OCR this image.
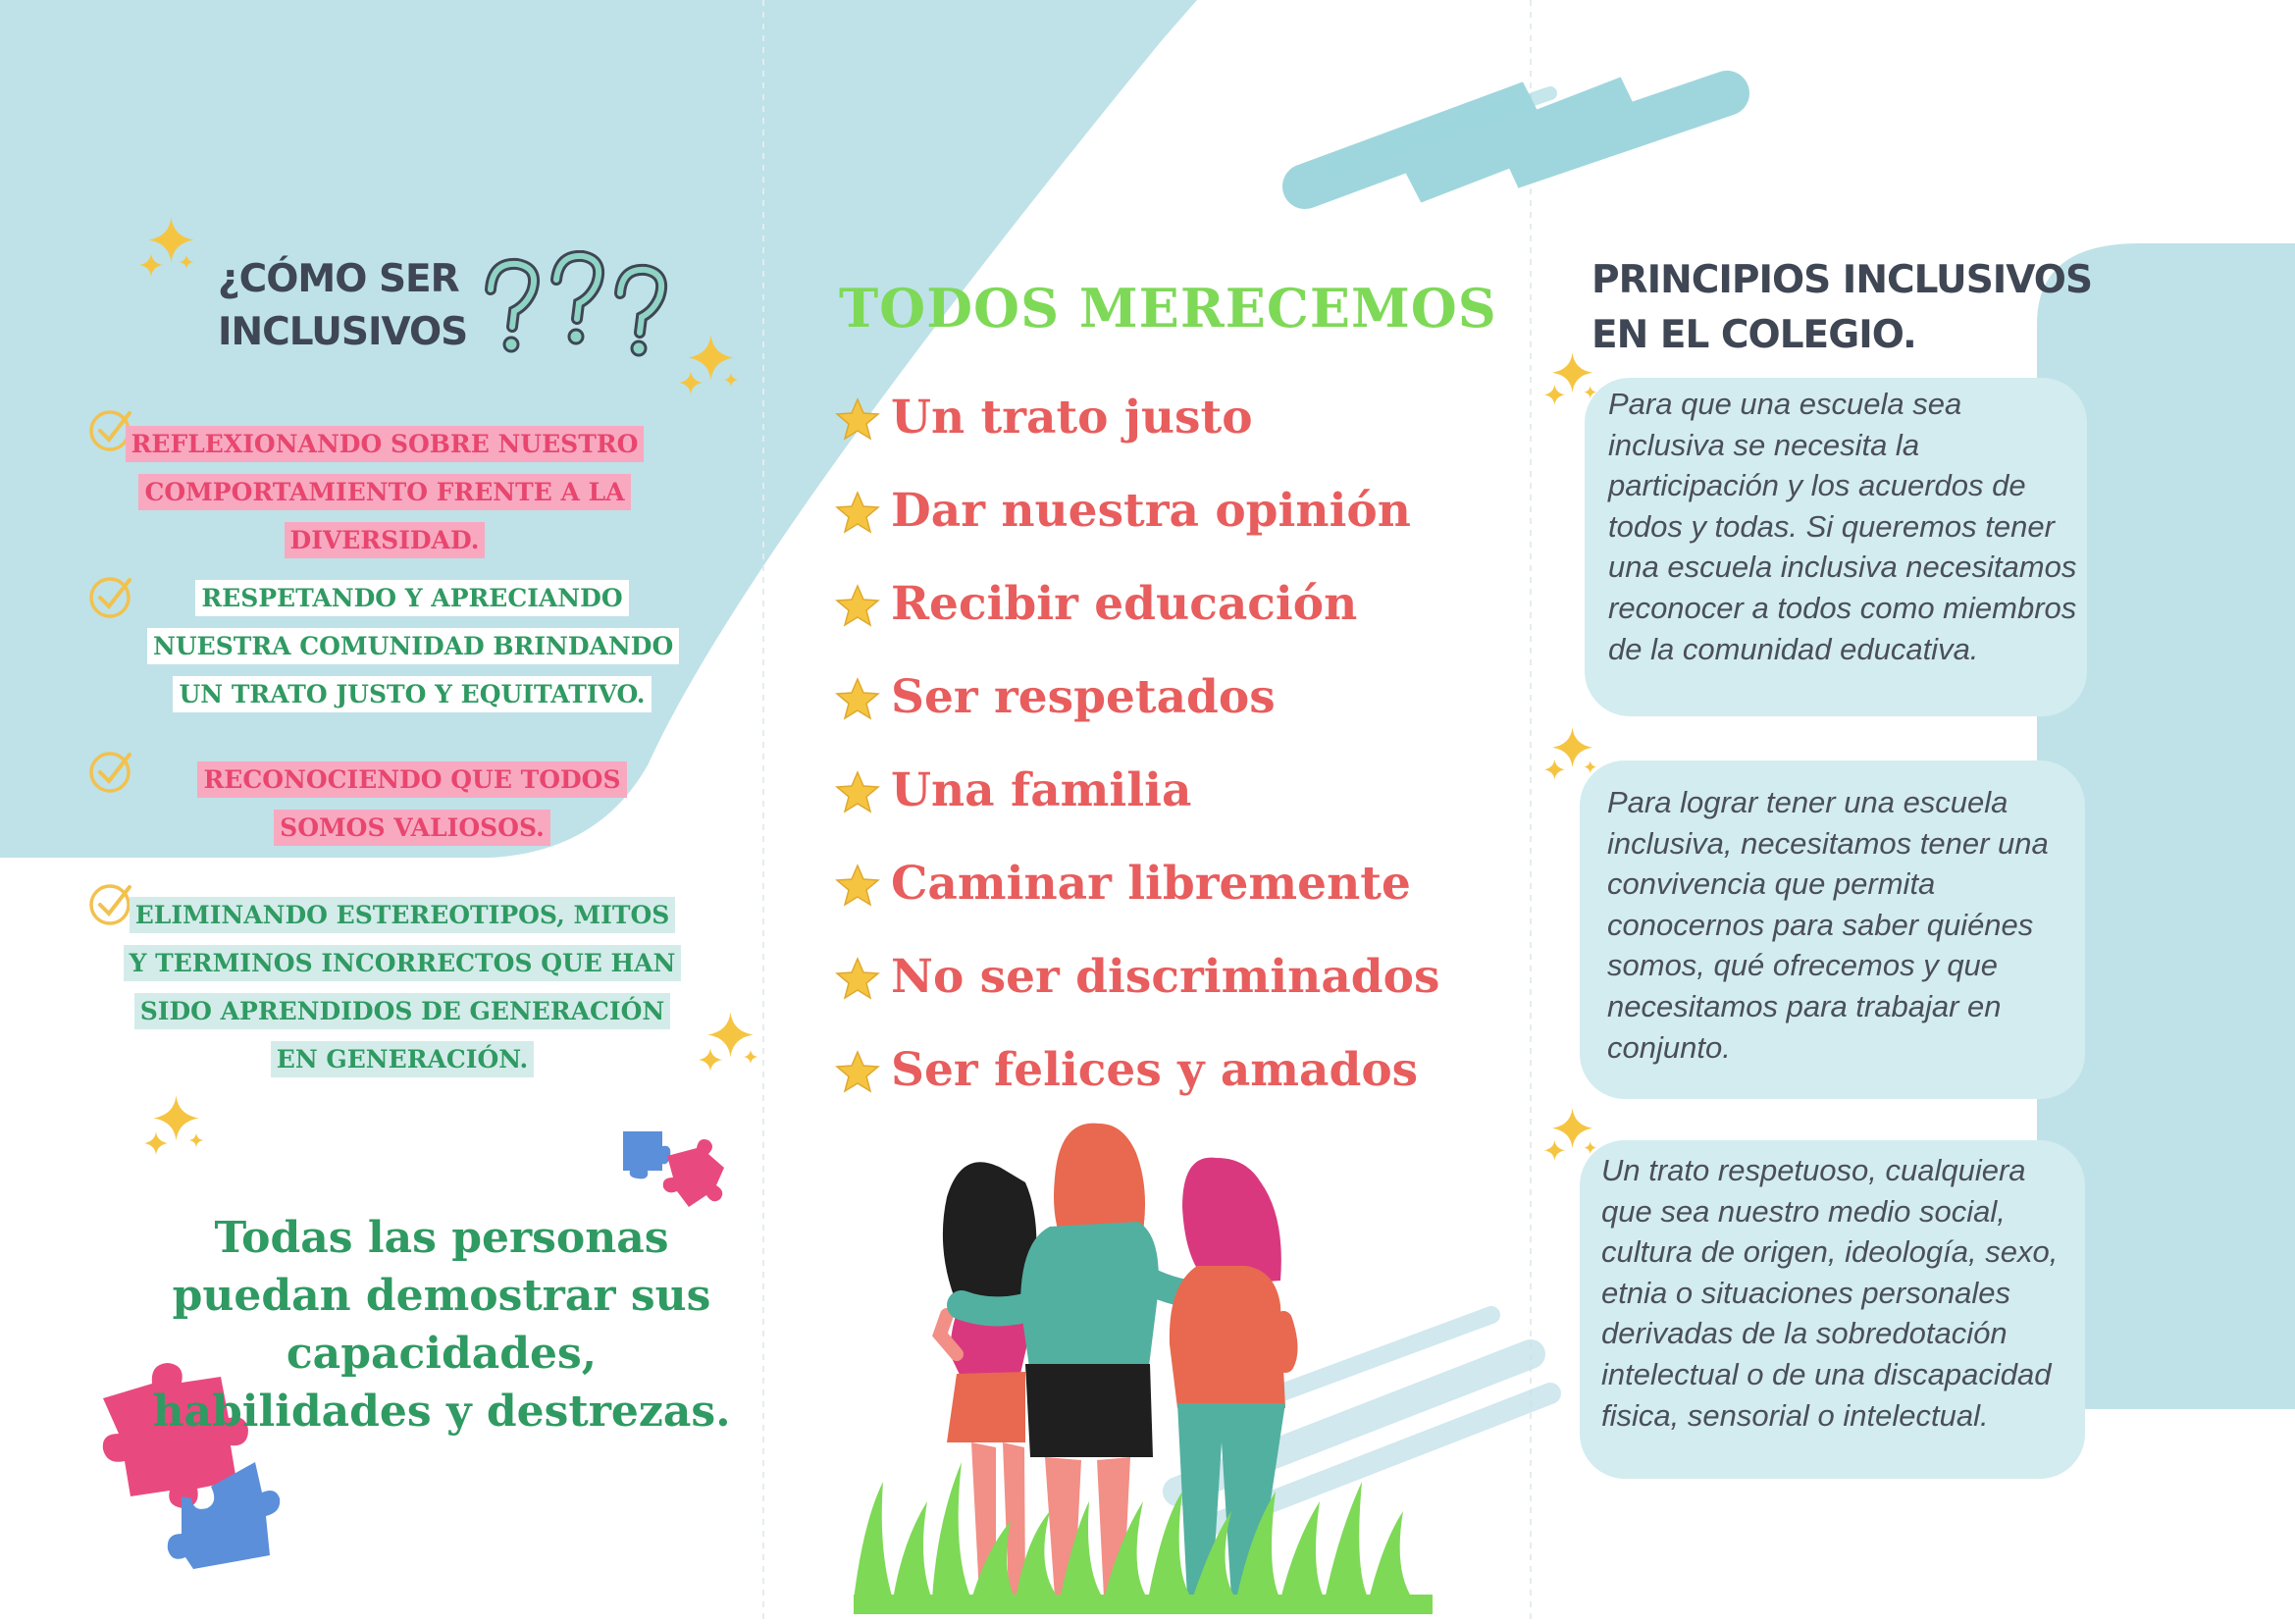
¿CÓMO SER
INCLUSIVOS
REFLEXIONANDO SOBRE NUESTRO COMPORTAMIENTO FRENTE A LA DIVERSIDAD.
RESPETANDO Y APRECIANDO NUESTRA COMUNIDAD BRINDANDO UN TRATO JUSTO Y EQUITATIVO.
RECONOCIENDO QUE TODOS SOMOS VALIOSOS.
ELIMINANDO ESTEREOTIPOS, MITOS Y TERMINOS INCORRECTOS QUE HAN SIDO APRENDIDOS DE GENERACIÓN EN GENERACIÓN.
Todas las personas puedan demostrar sus capacidades, habilidades y destrezas.
TODOS MERECEMOS
Un trato justo
Dar nuestra opinión
Recibir educación
Ser respetados
Una familia
Caminar libremente
No ser discriminados
Ser felices y amados
PRINCIPIOS INCLUSIVOS
EN EL COLEGIO.

Para que una escuela sea inclusiva se necesita la participación y los acuerdos de todos y todas. Si queremos tener una escuela inclusiva necesitamos reconocer a todos como miembros de la comunidad educativa.

Para lograr tener una escuela inclusiva, necesitamos tener una convivencia que permita conocernos para saber quiénes somos, qué ofrecemos y que necesitamos para trabajar en conjunto.

Un trato respetuoso, cualquiera que sea nuestro medio social, cultura de origen, ideología, sexo, etnia o situaciones personales derivadas de la sobredotación intelectual o de una discapacidad fisica, sensorial o intelectual.
